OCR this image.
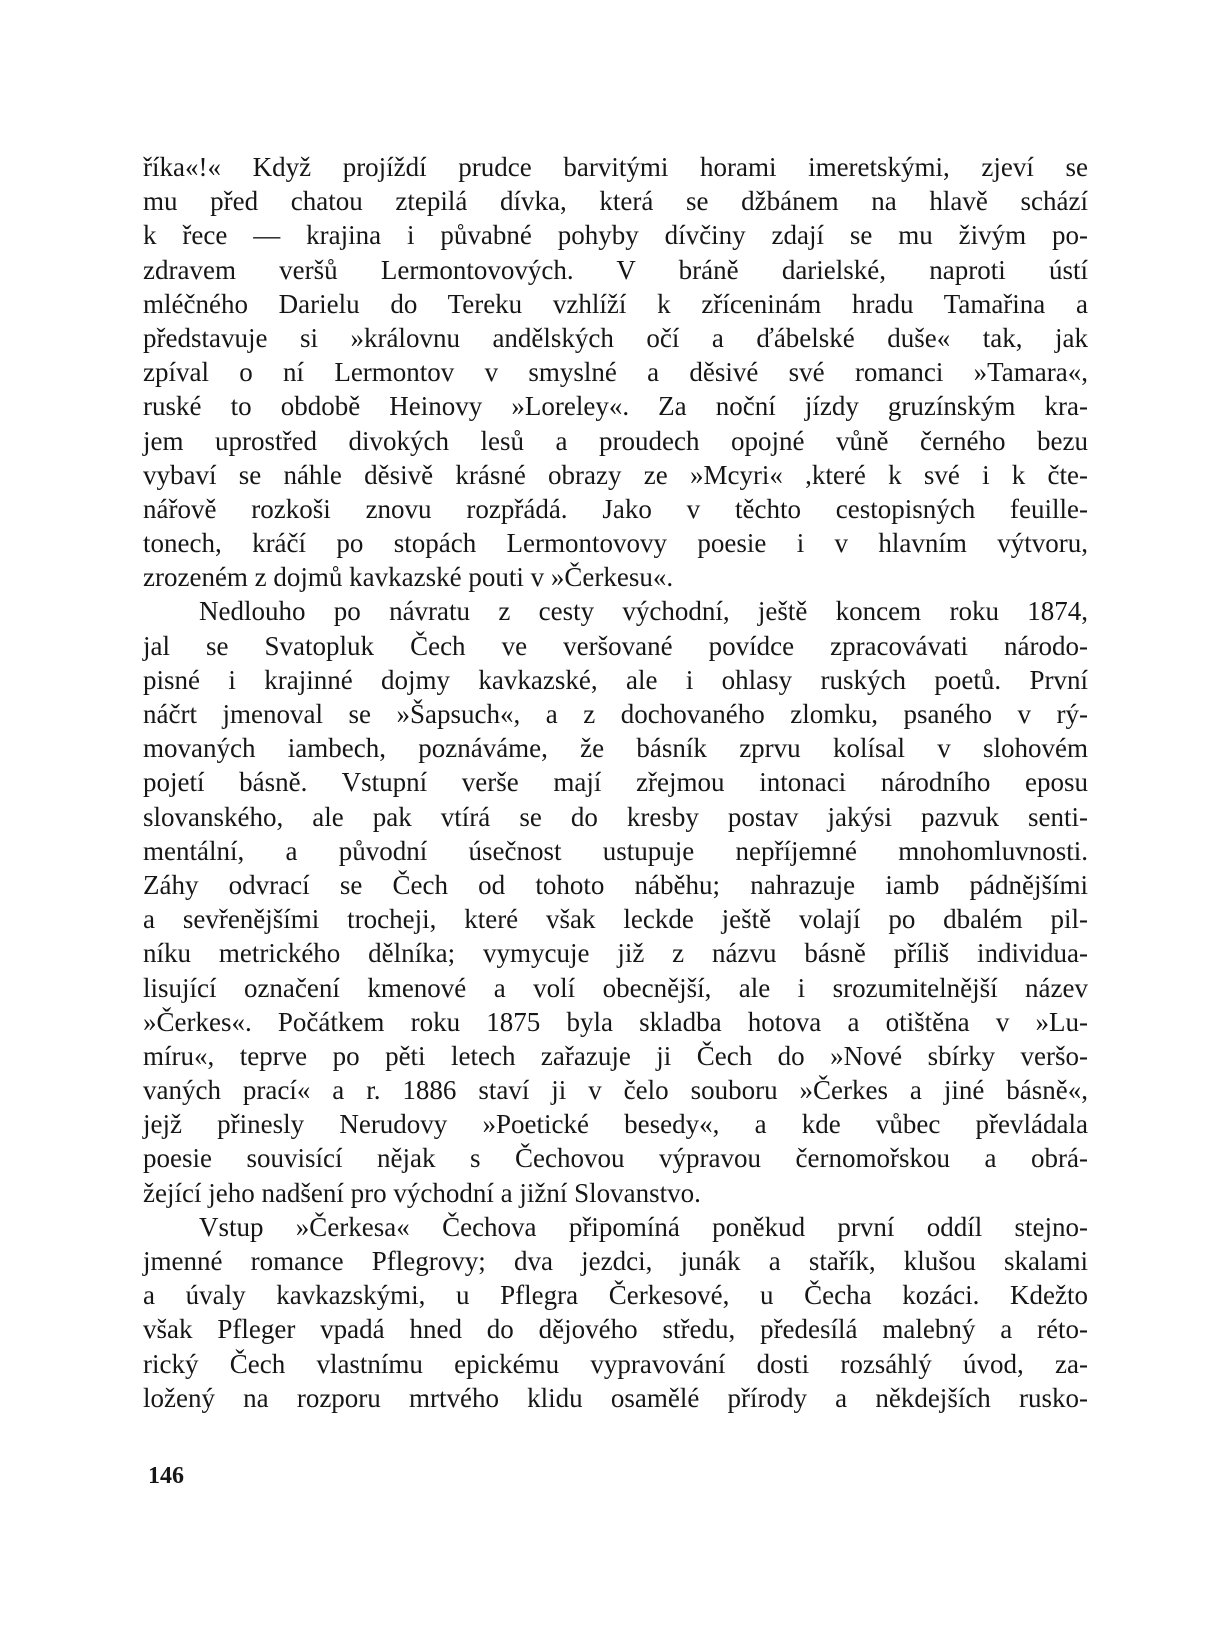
říka«!« Když projíždí prudce barvitými horami imeretskými, zjeví se
mu před chatou ztepilá dívka, která se džbánem na hlavě schází
k řece — krajina i půvabné pohyby dívčiny zdají se mu živým po-
zdravem veršů Lermontovových. V bráně darielské, naproti ústí
mléčného Darielu do Tereku vzhlíží k zříceninám hradu Tamařina a
představuje si »královnu andělských očí a ďábelské duše« tak, jak
zpíval o ní Lermontov v smyslné a děsivé své romanci »Tamara«,
ruské to obdobě Heinovy »Loreley«. Za noční jízdy gruzínským kra-
jem uprostřed divokých lesů a proudech opojné vůně černého bezu
vybaví se náhle děsivě krásné obrazy ze »Mcyri« ,které k své i k čte-
nářově rozkoši znovu rozpřádá. Jako v těchto cestopisných feuille-
tonech, kráčí po stopách Lermontovovy poesie i v hlavním výtvoru,
zrozeném z dojmů kavkazské pouti v »Čerkesu«.
Nedlouho po návratu z cesty východní, ještě koncem roku 1874,
jal se Svatopluk Čech ve veršované povídce zpracovávati národo-
pisné i krajinné dojmy kavkazské, ale i ohlasy ruských poetů. První
náčrt jmenoval se »Šapsuch«, a z dochovaného zlomku, psaného v rý-
movaných iambech, poznáváme, že básník zprvu kolísal v slohovém
pojetí básně. Vstupní verše mají zřejmou intonaci národního eposu
slovanského, ale pak vtírá se do kresby postav jakýsi pazvuk senti-
mentální, a původní úsečnost ustupuje nepříjemné mnohomluvnosti.
Záhy odvrací se Čech od tohoto náběhu; nahrazuje iamb pádnějšími
a sevřenějšími trocheji, které však leckde ještě volají po dbalém pil-
níku metrického dělníka; vymycuje již z názvu básně příliš individua-
lisující označení kmenové a volí obecnější, ale i srozumitelnější název
»Čerkes«. Počátkem roku 1875 byla skladba hotova a otištěna v »Lu-
míru«, teprve po pěti letech zařazuje ji Čech do »Nové sbírky veršo-
vaných prací« a r. 1886 staví ji v čelo souboru »Čerkes a jiné básně«,
jejž přinesly Nerudovy »Poetické besedy«, a kde vůbec převládala
poesie souvisící nějak s Čechovou výpravou černomořskou a obrá-
žející jeho nadšení pro východní a jižní Slovanstvo.
Vstup »Čerkesa« Čechova připomíná poněkud první oddíl stejno-
jmenné romance Pflegrovy; dva jezdci, junák a stařík, klušou skalami
a úvaly kavkazskými, u Pflegra Čerkesové, u Čecha kozáci. Kdežto
však Pfleger vpadá hned do dějového středu, předesílá malebný a réto-
rický Čech vlastnímu epickému vypravování dosti rozsáhlý úvod, za-
ložený na rozporu mrtvého klidu osamělé přírody a někdejších rusko-
146
